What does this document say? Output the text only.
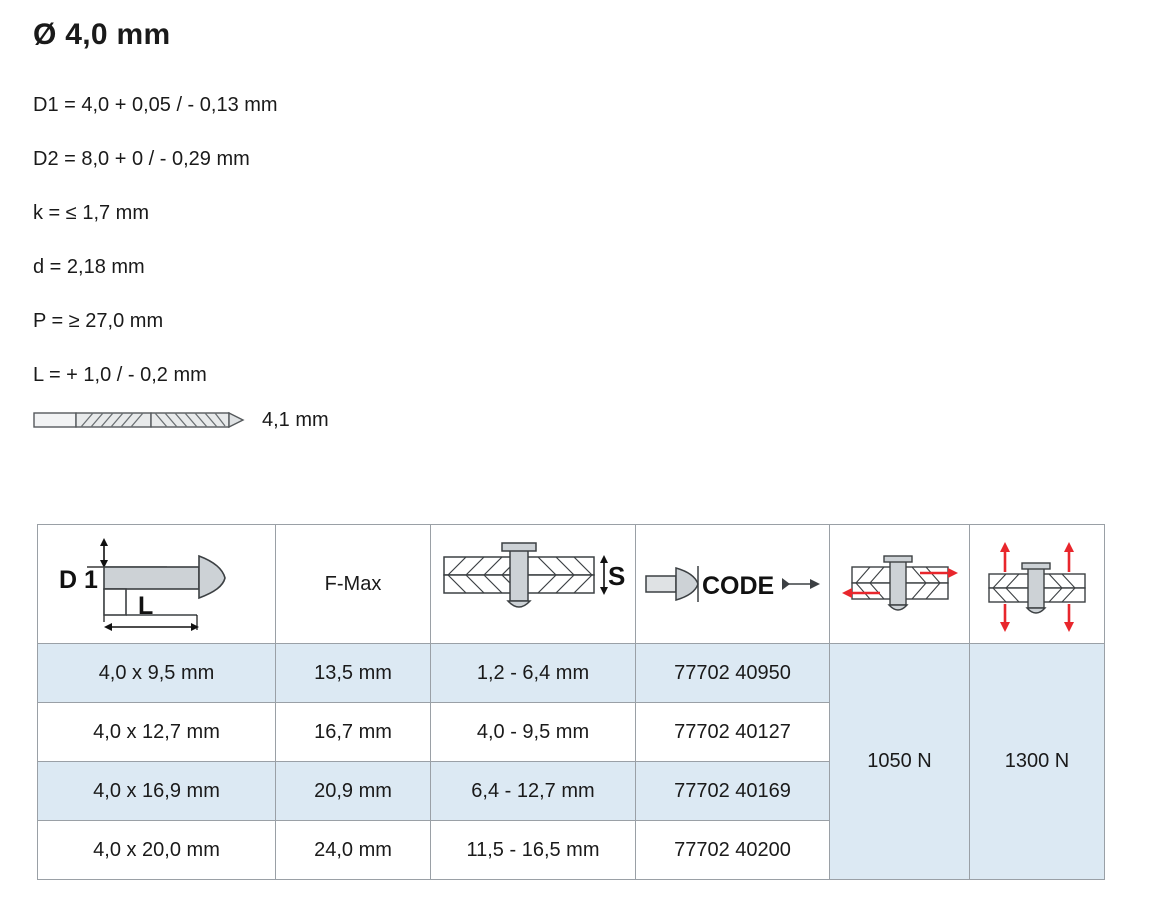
Ø 4,0 mm
D1 = 4,0 + 0,05 / - 0,13 mm
D2 = 8,0 + 0 / - 0,29 mm
k = ≤ 1,7 mm
d = 2,18 mm
P = ≥ 27,0 mm
L = + 1,0 / - 0,2 mm
4,1 mm
D 1
L	F-Max	S	CODE

4,0 x 9,5 mm	13,5 mm	1,2 - 6,4 mm	77702 40950	1050 N	1300 N
4,0 x 12,7 mm	16,7 mm	4,0 - 9,5 mm	77702 40127		
4,0 x 16,9 mm	20,9 mm	6,4 - 12,7 mm	77702 40169		
4,0 x 20,0 mm	24,0 mm	11,5 - 16,5 mm	77702 40200		
